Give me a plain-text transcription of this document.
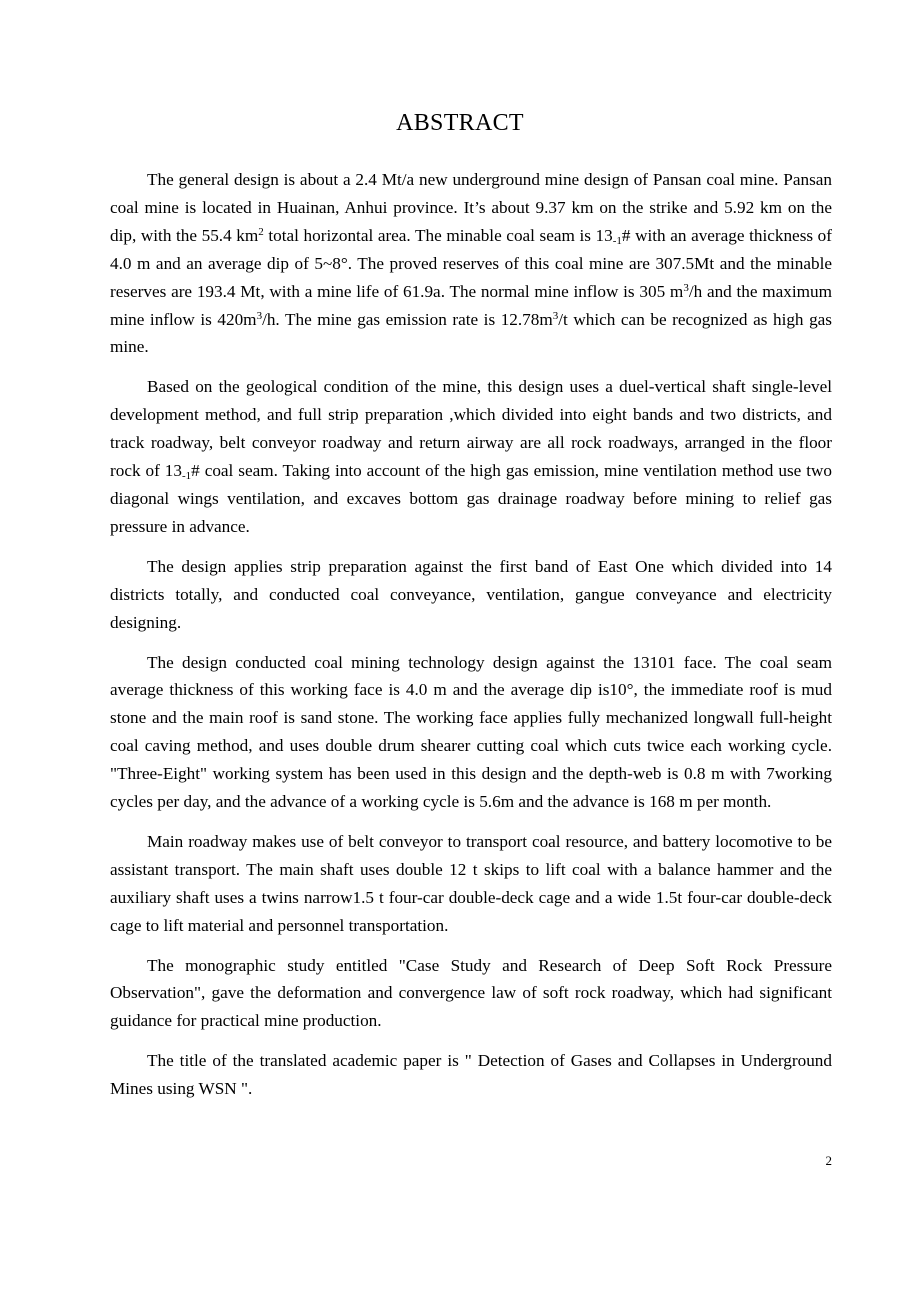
ABSTRACT

The general design is about a 2.4 Mt/a new underground mine design of Pansan coal mine. Pansan coal mine is located in Huainan, Anhui province. It’s about 9.37 km on the strike and 5.92 km on the dip, with the 55.4 $km^2$ total horizontal area. The minable coal seam is $13_{-1}\#$ with an average thickness of 4.0 m and an average dip of 5~8°. The proved reserves of this coal mine are 307.5Mt and the minable reserves are 193.4 Mt, with a mine life of 61.9a. The normal mine inflow is 305 $m^3/h$ and the maximum mine inflow is $420m^3/h$. The mine gas emission rate is $12.78m^3/t$ which can be recognized as high gas mine.

Based on the geological condition of the mine, this design uses a duel-vertical shaft single-level development method, and full strip preparation ,which divided into eight bands and two districts, and track roadway, belt conveyor roadway and return airway are all rock roadways, arranged in the floor rock of $13_{-1}\#$ coal seam. Taking into account of the high gas emission, mine ventilation method use two diagonal wings ventilation, and excaves bottom gas drainage roadway before mining to relief gas pressure in advance.

The design applies strip preparation against the first band of East One which divided into 14 districts totally, and conducted coal conveyance, ventilation, gangue conveyance and electricity designing.

The design conducted coal mining technology design against the 13101 face. The coal seam average thickness of this working face is 4.0 m and the average dip is10°, the immediate roof is mud stone and the main roof is sand stone. The working face applies fully mechanized longwall full-height coal caving method, and uses double drum shearer cutting coal which cuts twice each working cycle. "Three-Eight" working system has been used in this design and the depth-web is 0.8 m with 7working cycles per day, and the advance of a working cycle is 5.6m and the advance is 168 m per month.

Main roadway makes use of belt conveyor to transport coal resource, and battery locomotive to be assistant transport. The main shaft uses double 12 t skips to lift coal with a balance hammer and the auxiliary shaft uses a twins narrow1.5 t four-car double-deck cage and a wide 1.5t four-car double-deck cage to lift material and personnel transportation.

The monographic study entitled "Case Study and Research of Deep Soft Rock Pressure Observation", gave the deformation and convergence law of soft rock roadway, which had significant guidance for practical mine production.

The title of the translated academic paper is " Detection of Gases and Collapses in Underground Mines using WSN ".

2
